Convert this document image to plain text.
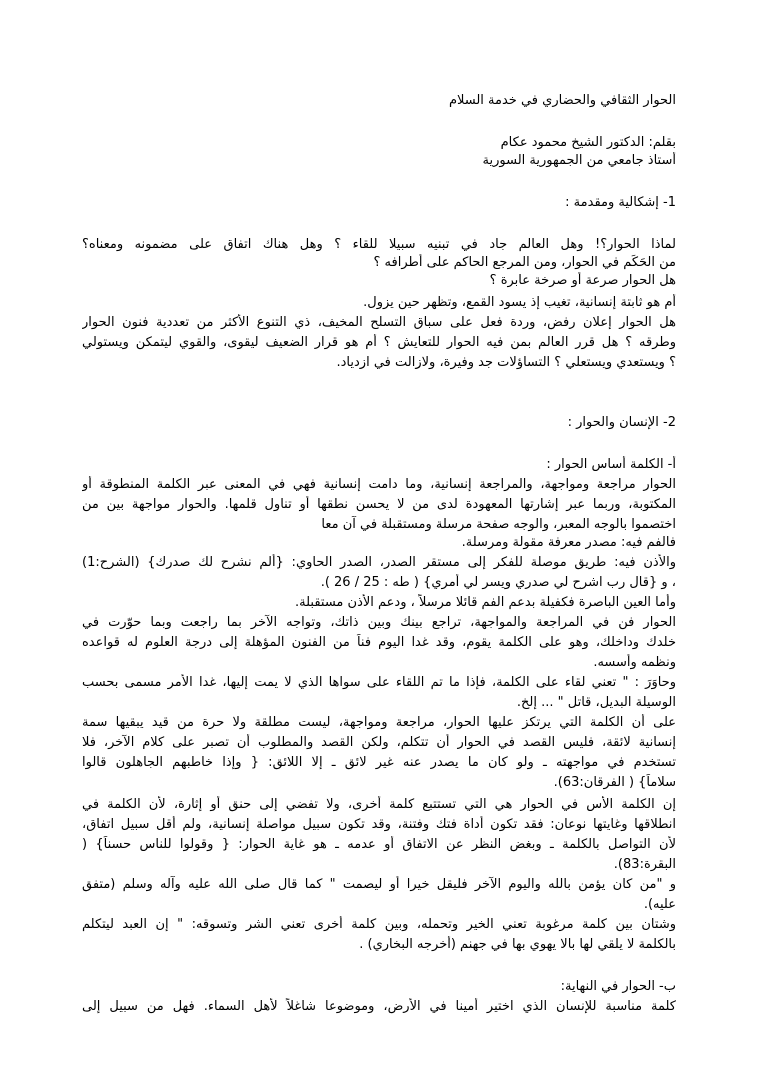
الحوار الثقافي والحضاري في خدمة السلام
بقلم: الدكتور الشيخ محمود عكام
أستاذ جامعي من الجمهورية السورية
1- إشكالية ومقدمة :
لماذا الحوار؟! وهل العالم جاد في تبنيه سبيلا للقاء ؟ وهل هناك اتفاق على مضمونه ومعناه؟
من الحَكَم في الحوار، ومن المرجع الحاكم على أطرافه ؟
هل الحوار صرعة أو صرخة عابرة ؟
أم هو ثابتة إنسانية، تغيب إذ يسود القمع، وتظهر حين يزول.
هل الحوار إعلان رفض، وردة فعل على سباق التسلح المخيف، ذي التنوع الأكثر من تعددية فنون الحوار
وطرقه ؟ هل قرر العالم بمن فيه الحوار للتعايش ؟ أم هو قرار الضعيف ليقوى، والقوي ليتمكن ويستولي
؟ ويستعدي ويستعلي ؟ التساؤلات جد وفيرة، ولازالت في ازدياد.
2- الإنسان والحوار :
أ- الكلمة أساس الحوار :
الحوار مراجعة ومواجهة، والمراجعة إنسانية، وما دامت إنسانية فهي في المعنى عبر الكلمة المنطوقة أو
المكتوبة، وربما عبر إشارتها المعهودة لدى من لا يحسن نطقها أو تناول قلمها. والحوار مواجهة بين من
اختصموا بالوجه المعبر، والوجه صفحة مرسلة ومستقبلة في آن معا
فالفم فيه: مصدر معرفة مقولة ومرسلة.
والأذن فيه: طريق موصلة للفكر إلى مستقر الصدر، الصدر الحاوي: {ألم نشرح لك صدرك} (الشرح:1)
، و {قال رب اشرح لي صدري ويسر لي أمري} ( طه : 25 / 26 ).
وأما العين الباصرة فكفيلة بدعم الفم قائلا مرسلاً ، ودعم الأذن مستقبلة.
الحوار فن في المراجعة والمواجهة، تراجع بينك وبين ذاتك، وتواجه الآخر بما راجعت وبما حوّرت في
خلدك وداخلك، وهو على الكلمة يقوم، وقد غدا اليوم فناً من الفنون المؤهلة إلى درجة العلوم له قواعده
ونظمه وأسسه.
وحاوَرَ : " تعني لقاء على الكلمة، فإذا ما تم اللقاء على سواها الذي لا يمت إليها، غدا الأمر مسمى بحسب
الوسيلة البديل، قاتل " ... إلخ.
على أن الكلمة التي يرتكز عليها الحوار، مراجعة ومواجهة، ليست مطلقة ولا حرة من قيد يبقيها سمة
إنسانية لائقة، فليس القصد في الحوار أن تتكلم، ولكن القصد والمطلوب أن تصبر على كلام الآخر، فلا
تستخدم في مواجهته ـ ولو كان ما يصدر عنه غير لائق ـ إلا اللائق: { وإذا خاطبهم الجاهلون قالوا
سلاماً} ( الفرقان:63).
إن الكلمة الأس في الحوار هي التي تستتبع كلمة أخرى، ولا تفضي إلى حنق أو إثارة، لأن الكلمة في
انطلاقها وغايتها نوعان: فقد تكون أداة فتك وفتنة، وقد تكون سبيل مواصلة إنسانية، ولم أقل سبيل اتفاق،
لأن التواصل بالكلمة ـ وبغض النظر عن الاتفاق أو عدمه ـ هو غاية الحوار: { وقولوا للناس حسناً} (
البقرة:83).
و "من كان يؤمن بالله واليوم الآخر فليقل خيرا أو ليصمت " كما قال صلى الله عليه وآله وسلم (متفق
عليه).
وشتان بين كلمة مرغوبة تعني الخير وتحمله، وبين كلمة أخرى تعني الشر وتسوقه: " إن العبد ليتكلم
بالكلمة لا يلقي لها بالا يهوي بها في جهنم (أخرجه البخاري) .
ب- الحوار في النهاية:
كلمة مناسبة للإنسان الذي اختير أمينا في الأرض، وموضوعا شاغلاً لأهل السماء. فهل من سبيل إلى
